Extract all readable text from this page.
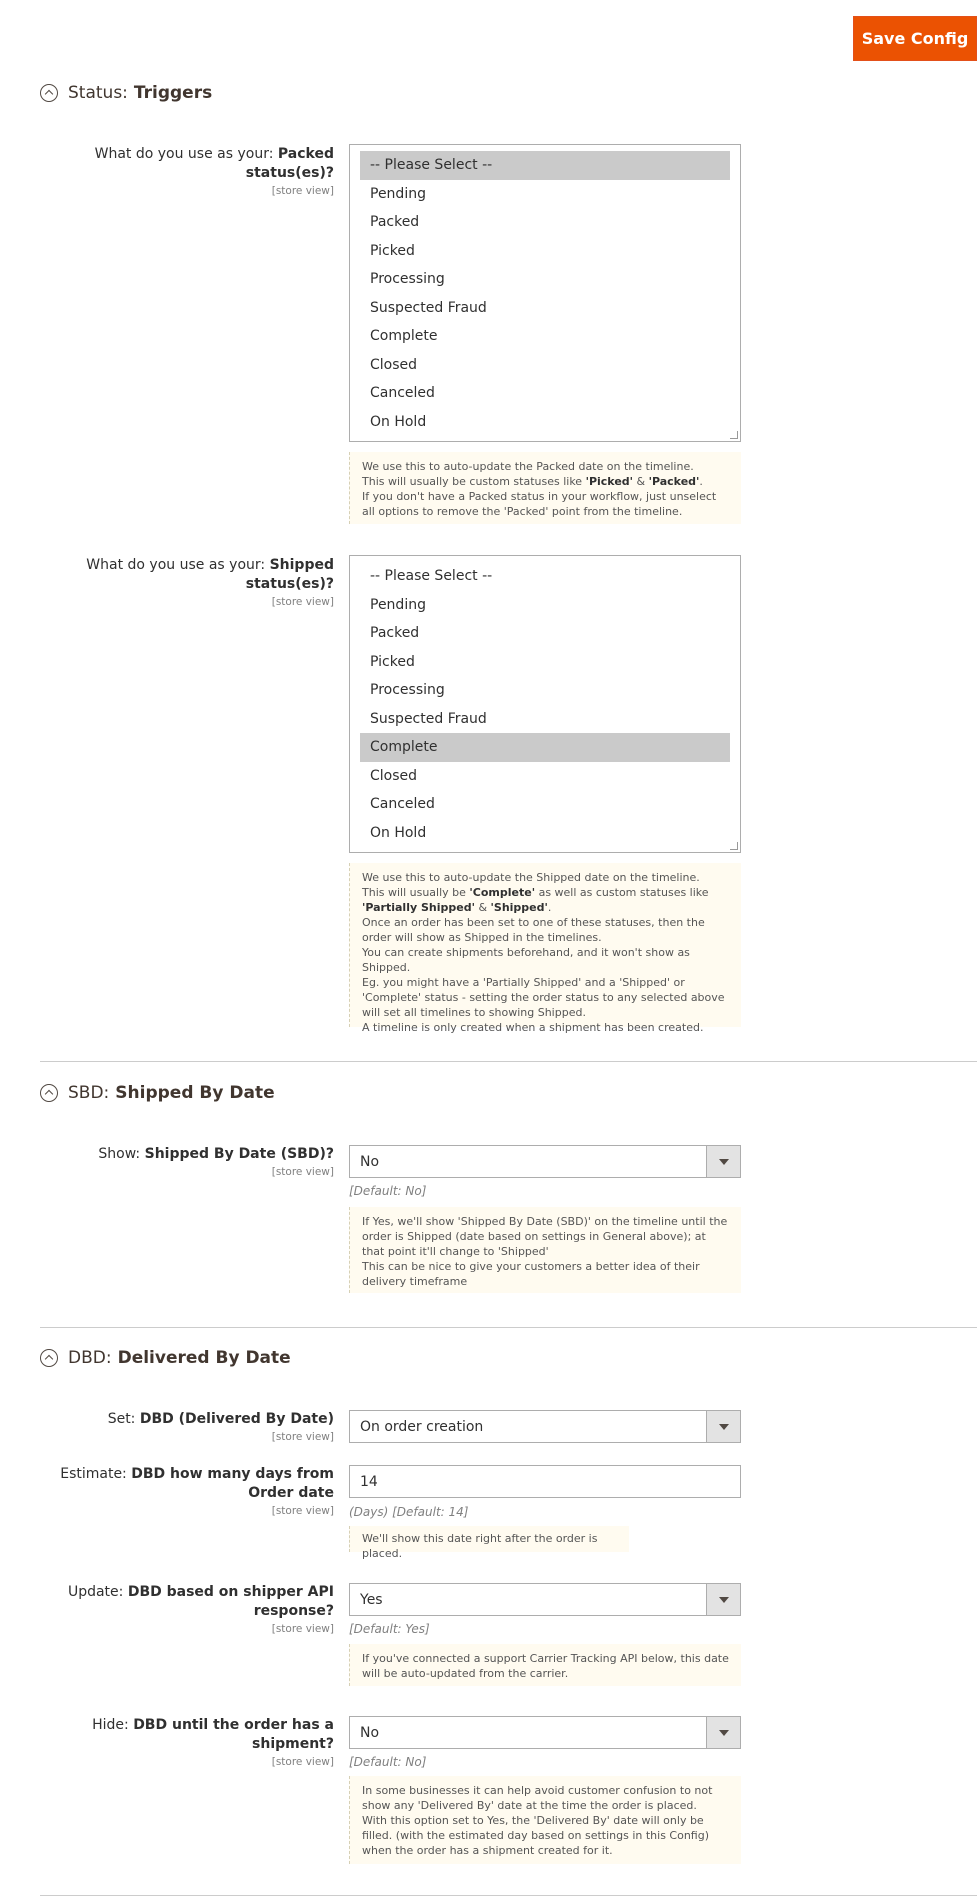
Save Config
Status: Triggers
What do you use as your: Packed status(es)?
[store view]
-- Please Select --
Pending
Packed
Picked
Processing
Suspected Fraud
Complete
Closed
Canceled
On Hold

We use this to auto-update the Packed date on the timeline.

This will usually be custom statuses like 'Picked' & 'Packed'.

If you don't have a Packed status in your workflow, just unselect all options to remove the 'Packed' point from the timeline.

What do you use as your: Shipped status(es)?
[store view]
-- Please Select --
Pending
Packed
Picked
Processing
Suspected Fraud
Complete
Closed
Canceled
On Hold

We use this to auto-update the Shipped date on the timeline.

This will usually be 'Complete' as well as custom statuses like 'Partially Shipped' & 'Shipped'.

Once an order has been set to one of these statuses, then the order will show as Shipped in the timelines.

You can create shipments beforehand, and it won't show as Shipped.

Eg. you might have a 'Partially Shipped' and a 'Shipped' or 'Complete' status - setting the order status to any selected above will set all timelines to showing Shipped.

A timeline is only created when a shipment has been created.

SBD: Shipped By Date
Show: Shipped By Date (SBD)?
[store view]
No
[Default: No]

If Yes, we'll show 'Shipped By Date (SBD)' on the timeline until the order is Shipped (date based on settings in General above); at that point it'll change to 'Shipped'

This can be nice to give your customers a better idea of their delivery timeframe

DBD: Delivered By Date
Set: DBD (Delivered By Date)
[store view]
On order creation
Estimate: DBD how many days from Order date
[store view]
14 (Days) [Default: 14]
We'll show this date right after the order is placed.
Update: DBD based on shipper API response?
[store view]
Yes
[Default: Yes]
If you've connected a support Carrier Tracking API below, this date will be auto-updated from the carrier.
Hide: DBD until the order has a shipment?
[store view]
No
[Default: No]

In some businesses it can help avoid customer confusion to not show any 'Delivered By' date at the time the order is placed.

With this option set to Yes, the 'Delivered By' date will only be filled. (with the estimated day based on settings in this Config) when the order has a shipment created for it.
